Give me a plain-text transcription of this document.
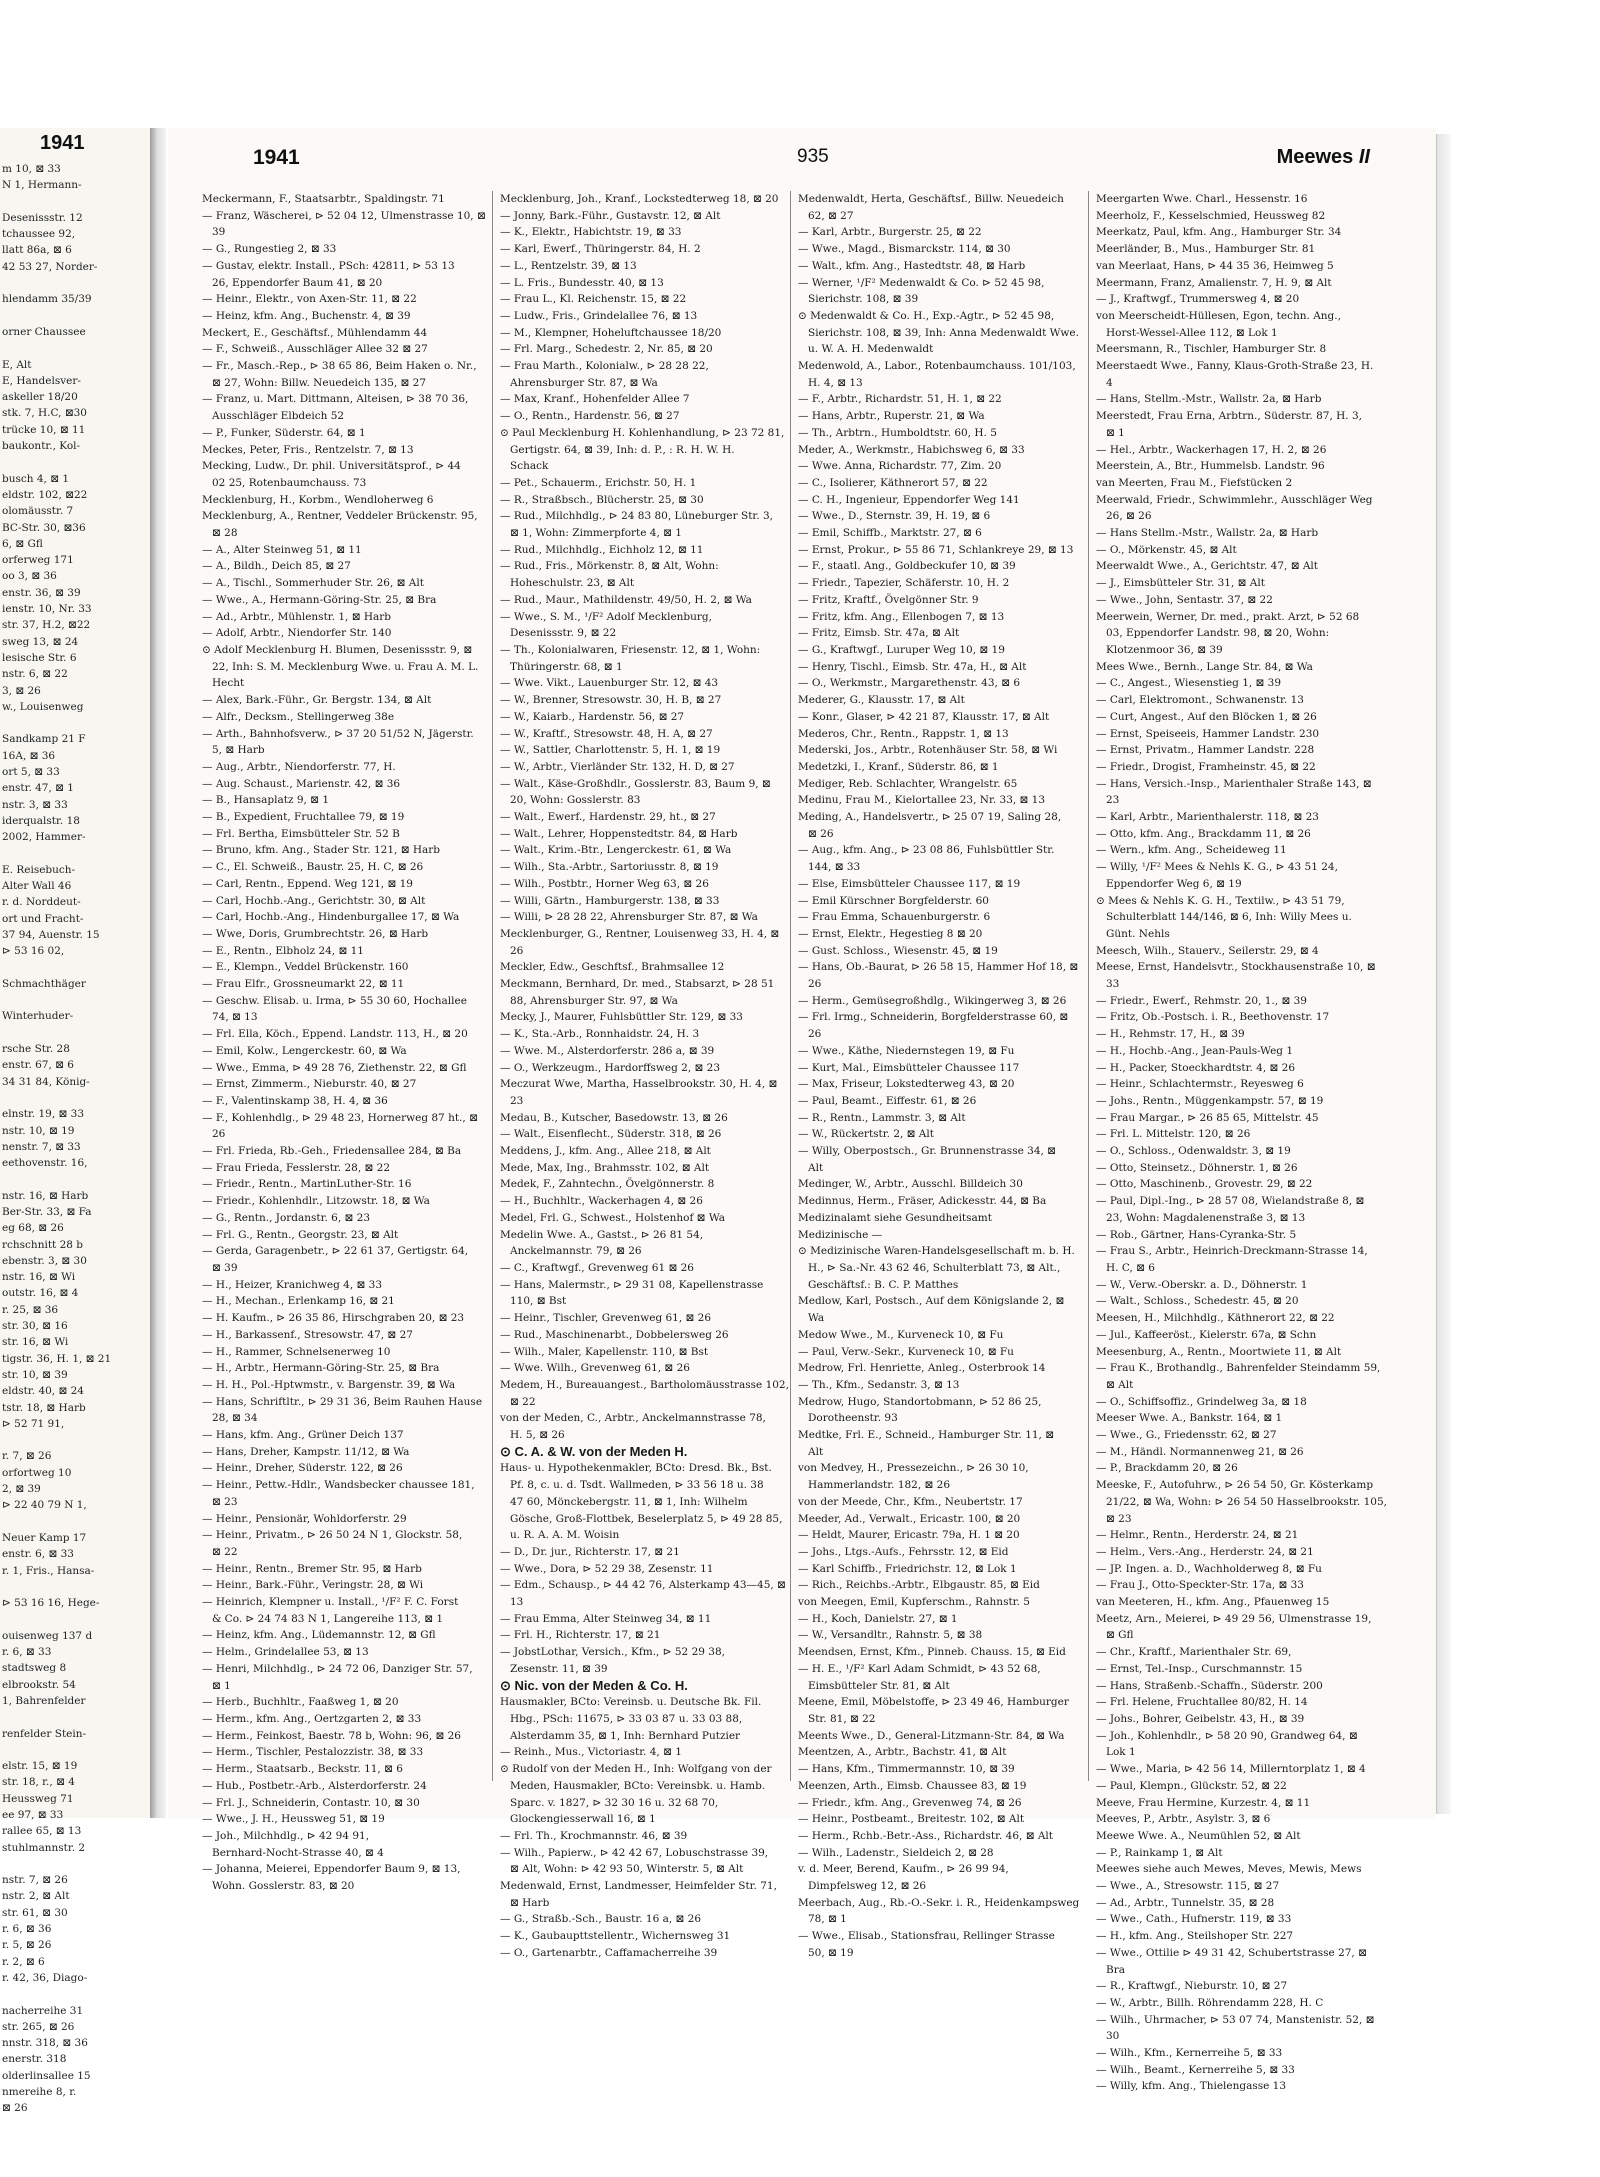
1941
m 10, ⊠ 33
N 1, Hermann-

Desenissstr. 12
tchaussee 92,
llatt 86a, ⊠ 6
42 53 27, Norder-

hlendamm 35/39

orner Chaussee

E, Alt
E, Handelsver-
askeller 18/20
stk. 7, H.C, ⊠30
trücke 10, ⊠ 11
baukontr., Kol-

busch 4, ⊠ 1
eldstr. 102, ⊠22
olomäusstr. 7
BC-Str. 30, ⊠36
6, ⊠ Gfl
orferweg 171
oo 3, ⊠ 36
enstr. 36, ⊠ 39
ienstr. 10, Nr. 33
str. 37, H.2, ⊠22
sweg 13, ⊠ 24
lesische Str. 6
nstr. 6, ⊠ 22
3, ⊠ 26
w., Louisenweg

Sandkamp 21 F
16A, ⊠ 36
ort 5, ⊠ 33
enstr. 47, ⊠ 1
nstr. 3, ⊠ 33
iderqualstr. 18
2002, Hammer-

E. Reisebuch-
Alter Wall 46
r. d. Norddeut-
ort und Fracht-
37 94, Auenstr. 15
⊳ 53 16 02,

Schmachthäger

Winterhuder-

rsche Str. 28
enstr. 67, ⊠ 6
34 31 84, König-

elnstr. 19, ⊠ 33
nstr. 10, ⊠ 19
nenstr. 7, ⊠ 33
eethovenstr. 16,

nstr. 16, ⊠ Harb
Ber-Str. 33, ⊠ Fa
eg 68, ⊠ 26
rchschnitt 28 b
ebenstr. 3, ⊠ 30
nstr. 16, ⊠ Wi
outstr. 16, ⊠ 4
r. 25, ⊠ 36
str. 30, ⊠ 16
str. 16, ⊠ Wi
tigstr. 36, H. 1, ⊠ 21
str. 10, ⊠ 39
eldstr. 40, ⊠ 24
tstr. 18, ⊠ Harb
⊳ 52 71 91,

r. 7, ⊠ 26
orfortweg 10
2, ⊠ 39
⊳ 22 40 79 N 1,

Neuer Kamp 17
enstr. 6, ⊠ 33
r. 1, Fris., Hansa-

⊳ 53 16 16, Hege-

ouisenweg 137 d
r. 6, ⊠ 33
stadtsweg 8
elbrookstr. 54
1, Bahrenfelder

renfelder Stein-

elstr. 15, ⊠ 19
str. 18, r., ⊠ 4
Heussweg 71
ee 97, ⊠ 33
rallee 65, ⊠ 13
stuhlmannstr. 2

nstr. 7, ⊠ 26
nstr. 2, ⊠ Alt
str. 61, ⊠ 30
r. 6, ⊠ 36
r. 5, ⊠ 26
r. 2, ⊠ 6
r. 42, 36, Diago-

nacherreihe 31
str. 265, ⊠ 26
nnstr. 318, ⊠ 36
enerstr. 318
olderlinsallee 15
nmereihe 8, r.
⊠ 26
1941	935	Meewes II
Meckermann, F., Staatsarbtr., Spaldingstr. 71
— Franz, Wäscherei, ⊳ 52 04 12, Ulmenstrasse 10, ⊠
39
— G., Rungestieg 2, ⊠ 33
— Gustav, elektr. Install., PSch: 42811, ⊳ 53 13
26, Eppendorfer Baum 41, ⊠ 20
— Heinr., Elektr., von Axen-Str. 11, ⊠ 22
— Heinz, kfm. Ang., Buchenstr. 4, ⊠ 39
Meckert, E., Geschäftsf., Mühlendamm 44
— F., Schweiß., Ausschläger Allee 32 ⊠ 27
— Fr., Masch.-Rep., ⊳ 38 65 86, Beim Haken o. Nr.,
⊠ 27, Wohn: Billw. Neuedeich 135, ⊠ 27
— Franz, u. Mart. Dittmann, Alteisen, ⊳ 38 70 36,
Ausschläger Elbdeich 52
— P., Funker, Süderstr. 64, ⊠ 1
Meckes, Peter, Fris., Rentzelstr. 7, ⊠ 13
Mecking, Ludw., Dr. phil. Universitätsprof., ⊳ 44
02 25, Rotenbaumchauss. 73
Mecklenburg, H., Korbm., Wendloherweg 6
Mecklenburg, A., Rentner, Veddeler Brückenstr. 95,
⊠ 28
— A., Alter Steinweg 51, ⊠ 11
— A., Bildh., Deich 85, ⊠ 27
— A., Tischl., Sommerhuder Str. 26, ⊠ Alt
— Wwe., A., Hermann-Göring-Str. 25, ⊠ Bra
— Ad., Arbtr., Mühlenstr. 1, ⊠ Harb
— Adolf, Arbtr., Niendorfer Str. 140
⊙ Adolf Mecklenburg H. Blumen, Desenissstr. 9, ⊠
22, Inh: S. M. Mecklenburg Wwe. u. Frau A. M. L.
Hecht
— Alex, Bark.-Führ., Gr. Bergstr. 134, ⊠ Alt
— Alfr., Decksm., Stellingerweg 38e
— Arth., Bahnhofsverw., ⊳ 37 20 51/52 N, Jägerstr.
5, ⊠ Harb
— Aug., Arbtr., Niendorferstr. 77, H.
— Aug. Schaust., Marienstr. 42, ⊠ 36
— B., Hansaplatz 9, ⊠ 1
— B., Expedient, Fruchtallee 79, ⊠ 19
— Frl. Bertha, Eimsbütteler Str. 52 B
— Bruno, kfm. Ang., Stader Str. 121, ⊠ Harb
— C., El. Schweiß., Baustr. 25, H. C, ⊠ 26
— Carl, Rentn., Eppend. Weg 121, ⊠ 19
— Carl, Hochb.-Ang., Gerichtstr. 30, ⊠ Alt
— Carl, Hochb.-Ang., Hindenburgallee 17, ⊠ Wa
— Wwe, Doris, Grumbrechtstr. 26, ⊠ Harb
— E., Rentn., Elbholz 24, ⊠ 11
— E., Klempn., Veddel Brückenstr. 160
— Frau Elfr., Grossneumarkt 22, ⊠ 11
— Geschw. Elisab. u. Irma, ⊳ 55 30 60, Hochallee
74, ⊠ 13
— Frl. Ella, Köch., Eppend. Landstr. 113, H., ⊠ 20
— Emil, Kolw., Lengerckestr. 60, ⊠ Wa
— Wwe., Emma, ⊳ 49 28 76, Ziethenstr. 22, ⊠ Gfl
— Ernst, Zimmerm., Nieburstr. 40, ⊠ 27
— F., Valentinskamp 38, H. 4, ⊠ 36
— F., Kohlenhdlg., ⊳ 29 48 23, Hornerweg 87 ht., ⊠
26
— Frl. Frieda, Rb.-Geh., Friedensallee 284, ⊠ Ba
— Frau Frieda, Fesslerstr. 28, ⊠ 22
— Friedr., Rentn., MartinLuther-Str. 16
— Friedr., Kohlenhdlr., Litzowstr. 18, ⊠ Wa
— G., Rentn., Jordanstr. 6, ⊠ 23
— Frl. G., Rentn., Georgstr. 23, ⊠ Alt
— Gerda, Garagenbetr., ⊳ 22 61 37, Gertigstr. 64,
⊠ 39
— H., Heizer, Kranichweg 4, ⊠ 33
— H., Mechan., Erlenkamp 16, ⊠ 21
— H. Kaufm., ⊳ 26 35 86, Hirschgraben 20, ⊠ 23
— H., Barkassenf., Stresowstr. 47, ⊠ 27
— H., Rammer, Schnelsenerweg 10
— H., Arbtr., Hermann-Göring-Str. 25, ⊠ Bra
— H. H., Pol.-Hptwmstr., v. Bargenstr. 39, ⊠ Wa
— Hans, Schriftltr., ⊳ 29 31 36, Beim Rauhen Hause
28, ⊠ 34
— Hans, kfm. Ang., Grüner Deich 137
— Hans, Dreher, Kampstr. 11/12, ⊠ Wa
— Heinr., Dreher, Süderstr. 122, ⊠ 26
— Heinr., Pettw.-Hdlr., Wandsbecker chaussee 181,
⊠ 23
— Heinr., Pensionär, Wohldorferstr. 29
— Heinr., Privatm., ⊳ 26 50 24 N 1, Glockstr. 58,
⊠ 22
— Heinr., Rentn., Bremer Str. 95, ⊠ Harb
— Heinr., Bark.-Führ., Veringstr. 28, ⊠ Wi
— Heinrich, Klempner u. Install., ¹/F² F. C. Forst
& Co. ⊳ 24 74 83 N 1, Langereihe 113, ⊠ 1
— Heinz, kfm. Ang., Lüdemannstr. 12, ⊠ Gfl
— Helm., Grindelallee 53, ⊠ 13
— Henri, Milchhdlg., ⊳ 24 72 06, Danziger Str. 57,
⊠ 1
— Herb., Buchhltr., Faaßweg 1, ⊠ 20
— Herm., kfm. Ang., Oertzgarten 2, ⊠ 33
— Herm., Feinkost, Baestr. 78 b, Wohn: 96, ⊠ 26
— Herm., Tischler, Pestalozzistr. 38, ⊠ 33
— Herm., Staatsarb., Beckstr. 11, ⊠ 6
— Hub., Postbetr.-Arb., Alsterdorferstr. 24
— Frl. J., Schneiderin, Contastr. 10, ⊠ 30
— Wwe., J. H., Heussweg 51, ⊠ 19
— Joh., Milchhdlg., ⊳ 42 94 91,
Bernhard-Nocht-Strasse 40, ⊠ 4
— Johanna, Meierei, Eppendorfer Baum 9, ⊠ 13,
Wohn. Gosslerstr. 83, ⊠ 20
Mecklenburg, Joh., Kranf., Lockstedterweg 18, ⊠ 20
— Jonny, Bark.-Führ., Gustavstr. 12, ⊠ Alt
— K., Elektr., Habichtstr. 19, ⊠ 33
— Karl, Ewerf., Thüringerstr. 84, H. 2
— L., Rentzelstr. 39, ⊠ 13
— L. Fris., Bundesstr. 40, ⊠ 13
— Frau L., Kl. Reichenstr. 15, ⊠ 22
— Ludw., Fris., Grindelallee 76, ⊠ 13
— M., Klempner, Hoheluftchaussee 18/20
— Frl. Marg., Schedestr. 2, Nr. 85, ⊠ 20
— Frau Marth., Kolonialw., ⊳ 28 28 22,
Ahrensburger Str. 87, ⊠ Wa
— Max, Kranf., Hohenfelder Allee 7
— O., Rentn., Hardenstr. 56, ⊠ 27
⊙ Paul Mecklenburg H. Kohlenhandlung, ⊳ 23 72 81,
Gertigstr. 64, ⊠ 39, Inh: d. P., : R. H. W. H.
Schack
— Pet., Schauerm., Erichstr. 50, H. 1
— R., Straßbsch., Blücherstr. 25, ⊠ 30
— Rud., Milchhdlg., ⊳ 24 83 80, Lüneburger Str. 3,
⊠ 1, Wohn: Zimmerpforte 4, ⊠ 1
— Rud., Milchhdlg., Eichholz 12, ⊠ 11
— Rud., Fris., Mörkenstr. 8, ⊠ Alt, Wohn:
Hoheschulstr. 23, ⊠ Alt
— Rud., Maur., Mathildenstr. 49/50, H. 2, ⊠ Wa
— Wwe., S. M., ¹/F² Adolf Mecklenburg,
Desenissstr. 9, ⊠ 22
— Th., Kolonialwaren, Friesenstr. 12, ⊠ 1, Wohn:
Thüringerstr. 68, ⊠ 1
— Wwe. Vikt., Lauenburger Str. 12, ⊠ 43
— W., Brenner, Stresowstr. 30, H. B, ⊠ 27
— W., Kaiarb., Hardenstr. 56, ⊠ 27
— W., Kraftf., Stresowstr. 48, H. A, ⊠ 27
— W., Sattler, Charlottenstr. 5, H. 1, ⊠ 19
— W., Arbtr., Vierländer Str. 132, H. D, ⊠ 27
— Walt., Käse-Großhdlr., Gosslerstr. 83, Baum 9, ⊠
20, Wohn: Gosslerstr. 83
— Walt., Ewerf., Hardenstr. 29, ht., ⊠ 27
— Walt., Lehrer, Hoppenstedtstr. 84, ⊠ Harb
— Walt., Krim.-Btr., Lengerckestr. 61, ⊠ Wa
— Wilh., Sta.-Arbtr., Sartoriusstr. 8, ⊠ 19
— Wilh., Postbtr., Horner Weg 63, ⊠ 26
— Willi, Gärtn., Hamburgerstr. 138, ⊠ 33
— Willi, ⊳ 28 28 22, Ahrensburger Str. 87, ⊠ Wa
Mecklenburger, G., Rentner, Louisenweg 33, H. 4, ⊠
26
Meckler, Edw., Geschftsf., Brahmsallee 12
Meckmann, Bernhard, Dr. med., Stabsarzt, ⊳ 28 51
88, Ahrensburger Str. 97, ⊠ Wa
Mecky, J., Maurer, Fuhlsbüttler Str. 129, ⊠ 33
— K., Sta.-Arb., Ronnhaidstr. 24, H. 3
— Wwe. M., Alsterdorferstr. 286 a, ⊠ 39
— O., Werkzeugm., Hardorffsweg 2, ⊠ 23
Meczurat Wwe, Martha, Hasselbrookstr. 30, H. 4, ⊠
23
Medau, B., Kutscher, Basedowstr. 13, ⊠ 26
— Walt., Eisenflecht., Süderstr. 318, ⊠ 26
Meddens, J., kfm. Ang., Allee 218, ⊠ Alt
Mede, Max, Ing., Brahmsstr. 102, ⊠ Alt
Medek, F., Zahntechn., Övelgönnerstr. 8
— H., Buchhltr., Wackerhagen 4, ⊠ 26
Medel, Frl. G., Schwest., Holstenhof ⊠ Wa
Medelin Wwe. A., Gastst., ⊳ 26 81 54,
Anckelmannstr. 79, ⊠ 26
— C., Kraftwgf., Grevenweg 61 ⊠ 26
— Hans, Malermstr., ⊳ 29 31 08, Kapellenstrasse
110, ⊠ Bst
— Heinr., Tischler, Grevenweg 61, ⊠ 26
— Rud., Maschinenarbt., Dobbelersweg 26
— Wilh., Maler, Kapellenstr. 110, ⊠ Bst
— Wwe. Wilh., Grevenweg 61, ⊠ 26
Medem, H., Bureauangest., Bartholomäusstrasse 102,
⊠ 22
von der Meden, C., Arbtr., Anckelmannstrasse 78,
H. 5, ⊠ 26
⊙ C. A. & W. von der Meden H.
Haus- u. Hypothekenmakler, BCto: Dresd. Bk., Bst.
Pf. 8, c. u. d. Tsdt. Wallmeden, ⊳ 33 56 18 u. 38
47 60, Mönckebergstr. 11, ⊠ 1, Inh: Wilhelm
Gösche, Groß-Flottbek, Beselerplatz 5, ⊳ 49 28 85,
u. R. A. A. M. Woisin
— D., Dr. jur., Richterstr. 17, ⊠ 21
— Wwe., Dora, ⊳ 52 29 38, Zesenstr. 11
— Edm., Schausp., ⊳ 44 42 76, Alsterkamp 43—45, ⊠
13
— Frau Emma, Alter Steinweg 34, ⊠ 11
— Frl. H., Richterstr. 17, ⊠ 21
— JobstLothar, Versich., Kfm., ⊳ 52 29 38,
Zesenstr. 11, ⊠ 39
⊙ Nic. von der Meden & Co. H.
Hausmakler, BCto: Vereinsb. u. Deutsche Bk. Fil.
Hbg., PSch: 11675, ⊳ 33 03 87 u. 33 03 88,
Alsterdamm 35, ⊠ 1, Inh: Bernhard Putzier
— Reinh., Mus., Victoriastr. 4, ⊠ 1
⊙ Rudolf von der Meden H., Inh: Wolfgang von der
Meden, Hausmakler, BCto: Vereinsbk. u. Hamb.
Sparc. v. 1827, ⊳ 32 30 16 u. 32 68 70,
Glockengiesserwall 16, ⊠ 1
— Frl. Th., Krochmannstr. 46, ⊠ 39
— Wilh., Papierw., ⊳ 42 42 67, Lobuschstrasse 39,
⊠ Alt, Wohn: ⊳ 42 93 50, Winterstr. 5, ⊠ Alt
Medenwald, Ernst, Landmesser, Heimfelder Str. 71,
⊠ Harb
— G., Straßb.-Sch., Baustr. 16 a, ⊠ 26
— K., Gaubaupttstellentr., Wichernsweg 31
— O., Gartenarbtr., Caffamacherreihe 39
Medenwaldt, Herta, Geschäftsf., Billw. Neuedeich
62, ⊠ 27
— Karl, Arbtr., Burgerstr. 25, ⊠ 22
— Wwe., Magd., Bismarckstr. 114, ⊠ 30
— Walt., kfm. Ang., Hastedtstr. 48, ⊠ Harb
— Werner, ¹/F² Medenwaldt & Co. ⊳ 52 45 98,
Sierichstr. 108, ⊠ 39
⊙ Medenwaldt & Co. H., Exp.-Agtr., ⊳ 52 45 98,
Sierichstr. 108, ⊠ 39, Inh: Anna Medenwaldt Wwe.
u. W. A. H. Medenwaldt
Medenwold, A., Labor., Rotenbaumchauss. 101/103,
H. 4, ⊠ 13
— F., Arbtr., Richardstr. 51, H. 1, ⊠ 22
— Hans, Arbtr., Ruperstr. 21, ⊠ Wa
— Th., Arbtrn., Humboldtstr. 60, H. 5
Meder, A., Werkmstr., Habichsweg 6, ⊠ 33
— Wwe. Anna, Richardstr. 77, Zim. 20
— C., Isolierer, Käthnerort 57, ⊠ 22
— C. H., Ingenieur, Eppendorfer Weg 141
— Wwe., D., Sternstr. 39, H. 19, ⊠ 6
— Emil, Schiffb., Marktstr. 27, ⊠ 6
— Ernst, Prokur., ⊳ 55 86 71, Schlankreye 29, ⊠ 13
— F., staatl. Ang., Goldbeckufer 10, ⊠ 39
— Friedr., Tapezier, Schäferstr. 10, H. 2
— Fritz, Kraftf., Övelgönner Str. 9
— Fritz, kfm. Ang., Ellenbogen 7, ⊠ 13
— Fritz, Eimsb. Str. 47a, ⊠ Alt
— G., Kraftwgf., Luruper Weg 10, ⊠ 19
— Henry, Tischl., Eimsb. Str. 47a, H., ⊠ Alt
— O., Werkmstr., Margarethenstr. 43, ⊠ 6
Mederer, G., Klausstr. 17, ⊠ Alt
— Konr., Glaser, ⊳ 42 21 87, Klausstr. 17, ⊠ Alt
Mederos, Chr., Rentn., Rappstr. 1, ⊠ 13
Mederski, Jos., Arbtr., Rotenhäuser Str. 58, ⊠ Wi
Medetzki, I., Kranf., Süderstr. 86, ⊠ 1
Mediger, Reb. Schlachter, Wrangelstr. 65
Medinu, Frau M., Kielortallee 23, Nr. 33, ⊠ 13
Meding, A., Handelsvertr., ⊳ 25 07 19, Saling 28,
⊠ 26
— Aug., kfm. Ang., ⊳ 23 08 86, Fuhlsbüttler Str.
144, ⊠ 33
— Else, Eimsbütteler Chaussee 117, ⊠ 19
— Emil Kürschner Borgfelderstr. 60
— Frau Emma, Schauenburgerstr. 6
— Ernst, Elektr., Hegestieg 8 ⊠ 20
— Gust. Schloss., Wiesenstr. 45, ⊠ 19
— Hans, Ob.-Baurat, ⊳ 26 58 15, Hammer Hof 18, ⊠
26
— Herm., Gemüsegroßhdlg., Wikingerweg 3, ⊠ 26
— Frl. Irmg., Schneiderin, Borgfelderstrasse 60, ⊠
26
— Wwe., Käthe, Niedernstegen 19, ⊠ Fu
— Kurt, Mal., Eimsbütteler Chaussee 117
— Max, Friseur, Lokstedterweg 43, ⊠ 20
— Paul, Beamt., Eiffestr. 61, ⊠ 26
— R., Rentn., Lammstr. 3, ⊠ Alt
— W., Rückertstr. 2, ⊠ Alt
— Willy, Oberpostsch., Gr. Brunnenstrasse 34, ⊠
Alt
Medinger, W., Arbtr., Ausschl. Billdeich 30
Medinnus, Herm., Fräser, Adickesstr. 44, ⊠ Ba
Medizinalamt siehe Gesundheitsamt
Medizinische —
⊙ Medizinische Waren-Handelsgesellschaft m. b. H.
H., ⊳ Sa.-Nr. 43 62 46, Schulterblatt 73, ⊠ Alt.,
Geschäftsf.: B. C. P. Matthes
Medlow, Karl, Postsch., Auf dem Königslande 2, ⊠
Wa
Medow Wwe., M., Kurveneck 10, ⊠ Fu
— Paul, Verw.-Sekr., Kurveneck 10, ⊠ Fu
Medrow, Frl. Henriette, Anleg., Osterbrook 14
— Th., Kfm., Sedanstr. 3, ⊠ 13
Medrow, Hugo, Standortobmann, ⊳ 52 86 25,
Dorotheenstr. 93
Medtke, Frl. E., Schneid., Hamburger Str. 11, ⊠
Alt
von Medvey, H., Pressezeichn., ⊳ 26 30 10,
Hammerlandstr. 182, ⊠ 26
von der Meede, Chr., Kfm., Neubertstr. 17
Meeder, Ad., Verwalt., Ericastr. 100, ⊠ 20
— Heldt, Maurer, Ericastr. 79a, H. 1 ⊠ 20
— Johs., Ltgs.-Aufs., Fehrsstr. 12, ⊠ Eid
— Karl Schiffb., Friedrichstr. 12, ⊠ Lok 1
— Rich., Reichbs.-Arbtr., Elbgaustr. 85, ⊠ Eid
von Meegen, Emil, Kupferschm., Rahnstr. 5
— H., Koch, Danielstr. 27, ⊠ 1
— W., Versandltr., Rahnstr. 5, ⊠ 38
Meendsen, Ernst, Kfm., Pinneb. Chauss. 15, ⊠ Eid
— H. E., ¹/F² Karl Adam Schmidt, ⊳ 43 52 68,
Eimsbütteler Str. 81, ⊠ Alt
Meene, Emil, Möbelstoffe, ⊳ 23 49 46, Hamburger
Str. 81, ⊠ 22
Meents Wwe., D., General-Litzmann-Str. 84, ⊠ Wa
Meentzen, A., Arbtr., Bachstr. 41, ⊠ Alt
— Hans, Kfm., Timmermannstr. 10, ⊠ 39
Meenzen, Arth., Eimsb. Chaussee 83, ⊠ 19
— Friedr., kfm. Ang., Grevenweg 74, ⊠ 26
— Heinr., Postbeamt., Breitestr. 102, ⊠ Alt
— Herm., Rchb.-Betr.-Ass., Richardstr. 46, ⊠ Alt
— Wilh., Ladenstr., Sieldeich 2, ⊠ 28
v. d. Meer, Berend, Kaufm., ⊳ 26 99 94,
Dimpfelsweg 12, ⊠ 26
Meerbach, Aug., Rb.-O.-Sekr. i. R., Heidenkampsweg
78, ⊠ 1
— Wwe., Elisab., Stationsfrau, Rellinger Strasse
50, ⊠ 19
Meergarten Wwe. Charl., Hessenstr. 16
Meerholz, F., Kesselschmied, Heussweg 82
Meerkatz, Paul, kfm. Ang., Hamburger Str. 34
Meerländer, B., Mus., Hamburger Str. 81
van Meerlaat, Hans, ⊳ 44 35 36, Heimweg 5
Meermann, Franz, Amalienstr. 7, H. 9, ⊠ Alt
— J., Kraftwgf., Trummersweg 4, ⊠ 20
von Meerscheidt-Hüllesen, Egon, techn. Ang.,
Horst-Wessel-Allee 112, ⊠ Lok 1
Meersmann, R., Tischler, Hamburger Str. 8
Meerstaedt Wwe., Fanny, Klaus-Groth-Straße 23, H.
4
— Hans, Stellm.-Mstr., Wallstr. 2a, ⊠ Harb
Meerstedt, Frau Erna, Arbtrn., Süderstr. 87, H. 3,
⊠ 1
— Hel., Arbtr., Wackerhagen 17, H. 2, ⊠ 26
Meerstein, A., Btr., Hummelsb. Landstr. 96
van Meerten, Frau M., Fiefstücken 2
Meerwald, Friedr., Schwimmlehr., Ausschläger Weg
26, ⊠ 26
— Hans Stellm.-Mstr., Wallstr. 2a, ⊠ Harb
— O., Mörkenstr. 45, ⊠ Alt
Meerwaldt Wwe., A., Gerichtstr. 47, ⊠ Alt
— J., Eimsbütteler Str. 31, ⊠ Alt
— Wwe., John, Sentastr. 37, ⊠ 22
Meerwein, Werner, Dr. med., prakt. Arzt, ⊳ 52 68
03, Eppendorfer Landstr. 98, ⊠ 20, Wohn:
Klotzenmoor 36, ⊠ 39
Mees Wwe., Bernh., Lange Str. 84, ⊠ Wa
— C., Angest., Wiesenstieg 1, ⊠ 39
— Carl, Elektromont., Schwanenstr. 13
— Curt, Angest., Auf den Blöcken 1, ⊠ 26
— Ernst, Speiseeis, Hammer Landstr. 230
— Ernst, Privatm., Hammer Landstr. 228
— Friedr., Drogist, Framheinstr. 45, ⊠ 22
— Hans, Versich.-Insp., Marienthaler Straße 143, ⊠
23
— Karl, Arbtr., Marienthalerstr. 118, ⊠ 23
— Otto, kfm. Ang., Brackdamm 11, ⊠ 26
— Wern., kfm. Ang., Scheideweg 11
— Willy, ¹/F² Mees & Nehls K. G., ⊳ 43 51 24,
Eppendorfer Weg 6, ⊠ 19
⊙ Mees & Nehls K. G. H., Textilw., ⊳ 43 51 79,
Schulterblatt 144/146, ⊠ 6, Inh: Willy Mees u.
Günt. Nehls
Meesch, Wilh., Stauerv., Seilerstr. 29, ⊠ 4
Meese, Ernst, Handelsvtr., Stockhausenstraße 10, ⊠
33
— Friedr., Ewerf., Rehmstr. 20, 1., ⊠ 39
— Fritz, Ob.-Postsch. i. R., Beethovenstr. 17
— H., Rehmstr. 17, H., ⊠ 39
— H., Hochb.-Ang., Jean-Pauls-Weg 1
— H., Packer, Stoeckhardtstr. 4, ⊠ 26
— Heinr., Schlachtermstr., Reyesweg 6
— Johs., Rentn., Müggenkampstr. 57, ⊠ 19
— Frau Margar., ⊳ 26 85 65, Mittelstr. 45
— Frl. L. Mittelstr. 120, ⊠ 26
— O., Schloss., Odenwaldstr. 3, ⊠ 19
— Otto, Steinsetz., Döhnerstr. 1, ⊠ 26
— Otto, Maschinenb., Grovestr. 29, ⊠ 22
— Paul, Dipl.-Ing., ⊳ 28 57 08, Wielandstraße 8, ⊠
23, Wohn: Magdalenenstraße 3, ⊠ 13
— Rob., Gärtner, Hans-Cyranka-Str. 5
— Frau S., Arbtr., Heinrich-Dreckmann-Strasse 14,
H. C, ⊠ 6
— W., Verw.-Oberskr. a. D., Döhnerstr. 1
— Walt., Schloss., Schedestr. 45, ⊠ 20
Meesen, H., Milchhdlg., Käthnerort 22, ⊠ 22
— Jul., Kaffeeröst., Kielerstr. 67a, ⊠ Schn
Meesenburg, A., Rentn., Moortwiete 11, ⊠ Alt
— Frau K., Brothandlg., Bahrenfelder Steindamm 59,
⊠ Alt
— O., Schiffsoffiz., Grindelweg 3a, ⊠ 18
Meeser Wwe. A., Bankstr. 164, ⊠ 1
— Wwe., G., Friedensstr. 62, ⊠ 27
— M., Händl. Normannenweg 21, ⊠ 26
— P., Brackdamm 20, ⊠ 26
Meeske, F., Autofuhrw., ⊳ 26 54 50, Gr. Kösterkamp
21/22, ⊠ Wa, Wohn: ⊳ 26 54 50 Hasselbrookstr. 105,
⊠ 23
— Helmr., Rentn., Herderstr. 24, ⊠ 21
— Helm., Vers.-Ang., Herderstr. 24, ⊠ 21
— JP. Ingen. a. D., Wachholderweg 8, ⊠ Fu
— Frau J., Otto-Speckter-Str. 17a, ⊠ 33
van Meeteren, H., kfm. Ang., Pfauenweg 15
Meetz, Arn., Meierei, ⊳ 49 29 56, Ulmenstrasse 19,
⊠ Gfl
— Chr., Kraftf., Marienthaler Str. 69,
— Ernst, Tel.-Insp., Curschmannstr. 15
— Hans, Straßenb.-Schaffn., Süderstr. 200
— Frl. Helene, Fruchtallee 80/82, H. 14
— Johs., Bohrer, Geibelstr. 43, H., ⊠ 39
— Joh., Kohlenhdlr., ⊳ 58 20 90, Grandweg 64, ⊠
Lok 1
— Wwe., Maria, ⊳ 42 56 14, Millerntorplatz 1, ⊠ 4
— Paul, Klempn., Glückstr. 52, ⊠ 22
Meeve, Frau Hermine, Kurzestr. 4, ⊠ 11
Meeves, P., Arbtr., Asylstr. 3, ⊠ 6
Meewe Wwe. A., Neumühlen 52, ⊠ Alt
— P., Rainkamp 1, ⊠ Alt
Meewes siehe auch Mewes, Meves, Mewis, Mews
— Wwe., A., Stresowstr. 115, ⊠ 27
— Ad., Arbtr., Tunnelstr. 35, ⊠ 28
— Wwe., Cath., Hufnerstr. 119, ⊠ 33
— H., kfm. Ang., Steilshoper Str. 227
— Wwe., Ottilie ⊳ 49 31 42, Schubertstrasse 27, ⊠
Bra
— R., Kraftwgf., Nieburstr. 10, ⊠ 27
— W., Arbtr., Billh. Röhrendamm 228, H. C
— Wilh., Uhrmacher, ⊳ 53 07 74, Manstenistr. 52, ⊠
30
— Wilh., Kfm., Kernerreihe 5, ⊠ 33
— Wilh., Beamt., Kernerreihe 5, ⊠ 33
— Willy, kfm. Ang., Thielengasse 13
